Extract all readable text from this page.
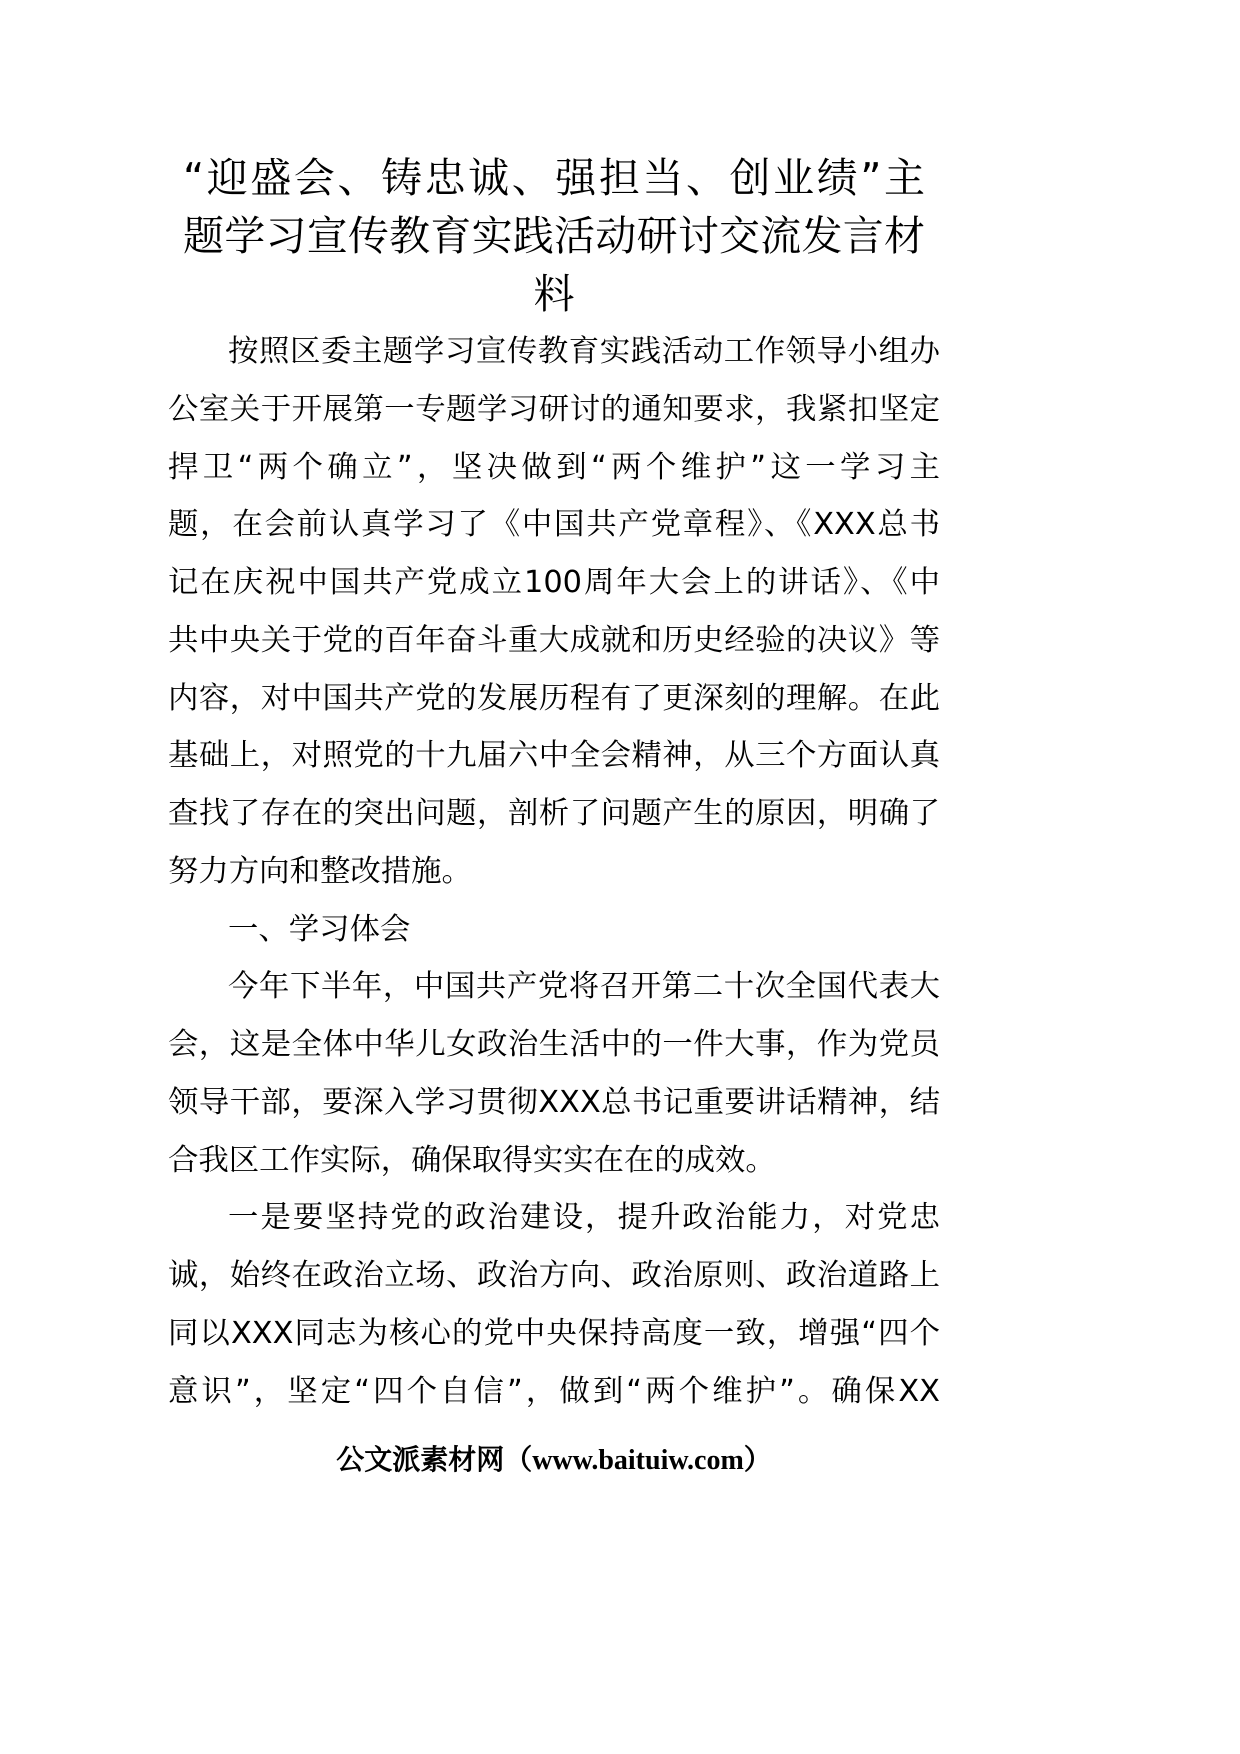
“迎盛会、铸忠诚、强担当、创业绩”主
题学习宣传教育实践活动研讨交流发言材
料
按照区委主题学习宣传教育实践活动工作领导小组办
公室关于开展第一专题学习研讨的通知要求，我紧扣坚定
捍卫“两个确立”，坚决做到“两个维护”这一学习主
题，在会前认真学习了《中国共产党章程》、《XXX总书
记在庆祝中国共产党成立100周年大会上的讲话》、《中
共中央关于党的百年奋斗重大成就和历史经验的决议》等
内容，对中国共产党的发展历程有了更深刻的理解。在此
基础上，对照党的十九届六中全会精神，从三个方面认真
查找了存在的突出问题，剖析了问题产生的原因，明确了
努力方向和整改措施。
一、学习体会
今年下半年，中国共产党将召开第二十次全国代表大
会，这是全体中华儿女政治生活中的一件大事，作为党员
领导干部，要深入学习贯彻XXX总书记重要讲话精神，结
合我区工作实际，确保取得实实在在的成效。
一是要坚持党的政治建设，提升政治能力，对党忠
诚，始终在政治立场、政治方向、政治原则、政治道路上
同以XXX同志为核心的党中央保持高度一致，增强“四个
意识”，坚定“四个自信”，做到“两个维护”。确保XX
公文派素材网（www.baituiw.com）
